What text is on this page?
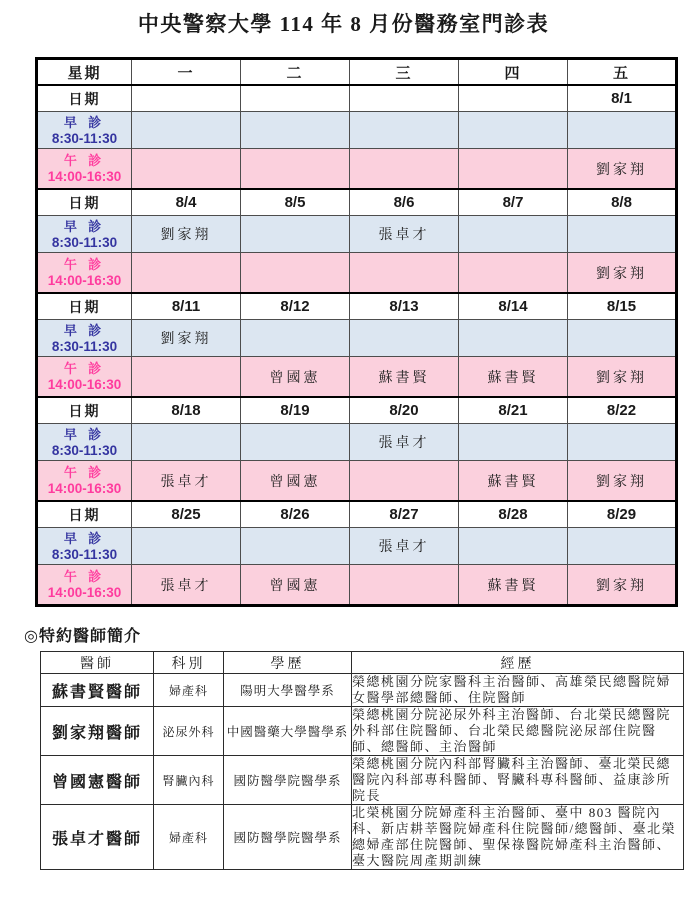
中央警察大學 114 年 8 月份醫務室門診表
星期	一	二	三	四	五
日期					8/1

早 診
8:30-11:30					

午 診
14:00-16:30					劉家翔
日期	8/4	8/5	8/6	8/7	8/8

早 診
8:30-11:30	劉家翔		張卓才		

午 診
14:00-16:30					劉家翔
日期	8/11	8/12	8/13	8/14	8/15

早 診
8:30-11:30	劉家翔				

午 診
14:00-16:30		曾國憲	蘇書賢	蘇書賢	劉家翔
日期	8/18	8/19	8/20	8/21	8/22

早 診
8:30-11:30			張卓才		

午 診
14:00-16:30	張卓才	曾國憲		蘇書賢	劉家翔
日期	8/25	8/26	8/27	8/28	8/29

早 診
8:30-11:30			張卓才		

午 診
14:00-16:30	張卓才	曾國憲		蘇書賢	劉家翔
◎特約醫師簡介
醫師	科別	學歷	經歷
蘇書賢醫師	婦產科	陽明大學醫學系	榮總桃園分院家醫科主治醫師、高雄榮民總醫院婦女醫學部總醫師、住院醫師
劉家翔醫師	泌尿外科	中國醫藥大學醫學系	榮總桃園分院泌尿外科主治醫師、台北榮民總醫院外科部住院醫師、台北榮民總醫院泌尿部住院醫師、總醫師、主治醫師
曾國憲醫師	腎臟內科	國防醫學院醫學系	榮總桃園分院內科部腎臟科主治醫師、臺北榮民總醫院內科部專科醫師、腎臟科專科醫師、益康診所院長
張卓才醫師	婦產科	國防醫學院醫學系	北榮桃園分院婦產科主治醫師、臺中 803 醫院內科、新店耕莘醫院婦產科住院醫師/總醫師、臺北榮總婦產部住院醫師、聖保祿醫院婦產科主治醫師、臺大醫院周產期訓練
